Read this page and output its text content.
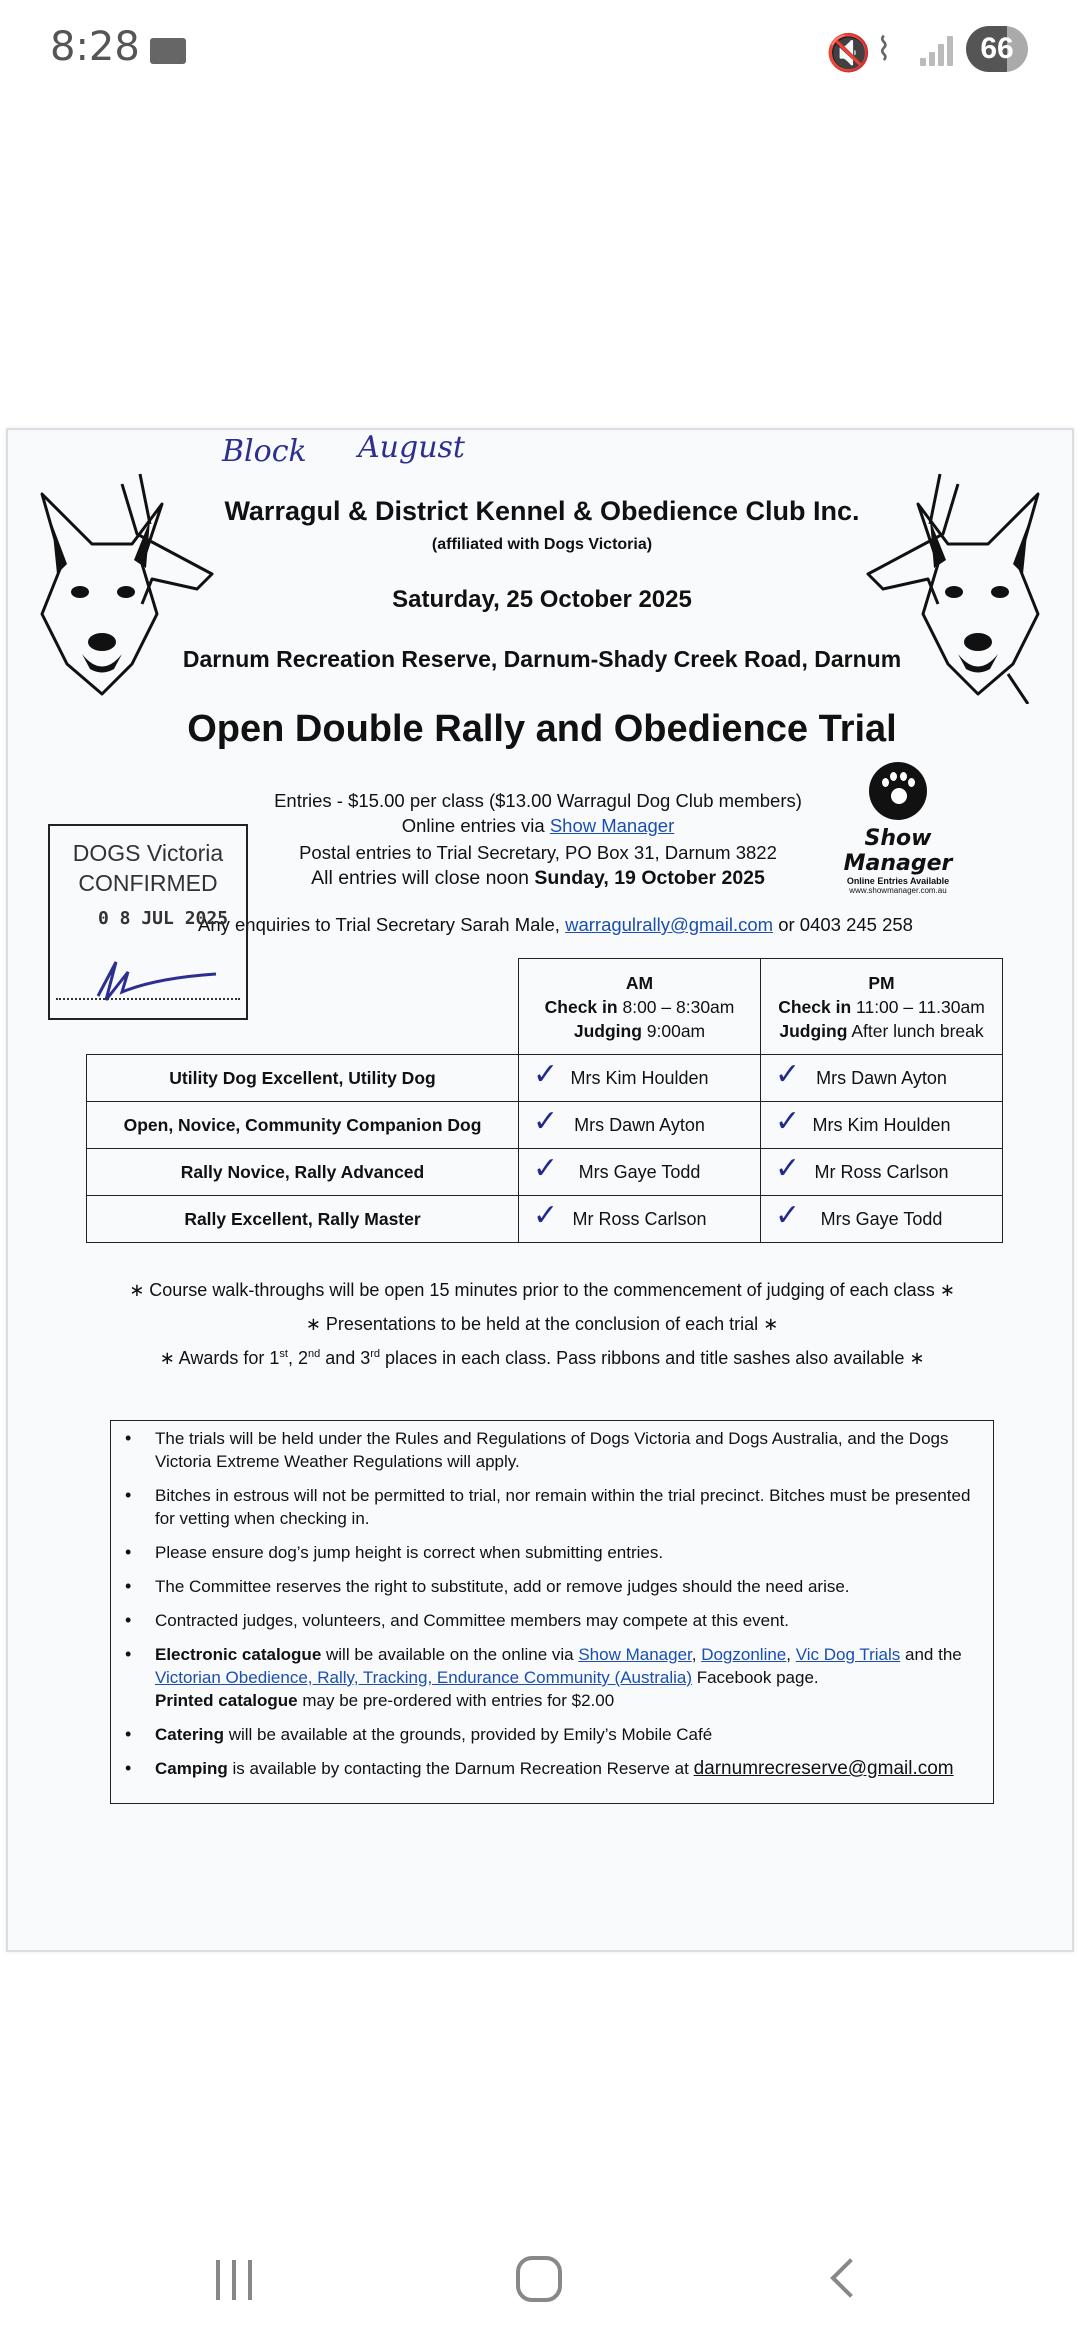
8:28	🔇 ⌇	66
Block August
Warragul & District Kennel & Obedience Club Inc.
(affiliated with Dogs Victoria)
Saturday, 25 October 2025
Darnum Recreation Reserve, Darnum-Shady Creek Road, Darnum
Open Double Rally and Obedience Trial
Entries - $15.00 per class ($13.00 Warragul Dog Club members)
Online entries via Show Manager
Postal entries to Trial Secretary, PO Box 31, Darnum 3822
All entries will close noon Sunday, 19 October 2025
Any enquiries to Trial Secretary Sarah Male, warragulrally@gmail.com or 0403 245 258
Show Manager
Online Entries Available
www.showmanager.com.au
DOGS Victoria
CONFIRMED
0 8 JUL 2025
	AM
Check in 8:00 – 8:30am
Judging 9:00am	PM
Check in 11:00 – 11.30am
Judging After lunch break
Utility Dog Excellent, Utility Dog	✓ Mrs Kim Houlden	✓ Mrs Dawn Ayton
Open, Novice, Community Companion Dog	✓ Mrs Dawn Ayton	✓ Mrs Kim Houlden
Rally Novice, Rally Advanced	✓ Mrs Gaye Todd	✓ Mr Ross Carlson
Rally Excellent, Rally Master	✓ Mr Ross Carlson	✓ Mrs Gaye Todd
∗ Course walk-throughs will be open 15 minutes prior to the commencement of judging of each class ∗
∗ Presentations to be held at the conclusion of each trial ∗
∗ Awards for 1st, 2nd and 3rd places in each class. Pass ribbons and title sashes also available ∗
• The trials will be held under the Rules and Regulations of Dogs Victoria and Dogs Australia, and the Dogs Victoria Extreme Weather Regulations will apply.
• Bitches in estrous will not be permitted to trial, nor remain within the trial precinct. Bitches must be presented for vetting when checking in.
• Please ensure dog’s jump height is correct when submitting entries.
• The Committee reserves the right to substitute, add or remove judges should the need arise.
• Contracted judges, volunteers, and Committee members may compete at this event.
• Electronic catalogue will be available on the online via Show Manager, Dogzonline, Vic Dog Trials and the Victorian Obedience, Rally, Tracking, Endurance Community (Australia) Facebook page.
Printed catalogue may be pre-ordered with entries for $2.00
• Catering will be available at the grounds, provided by Emily’s Mobile Café
• Camping is available by contacting the Darnum Recreation Reserve at darnumrecreserve@gmail.com
